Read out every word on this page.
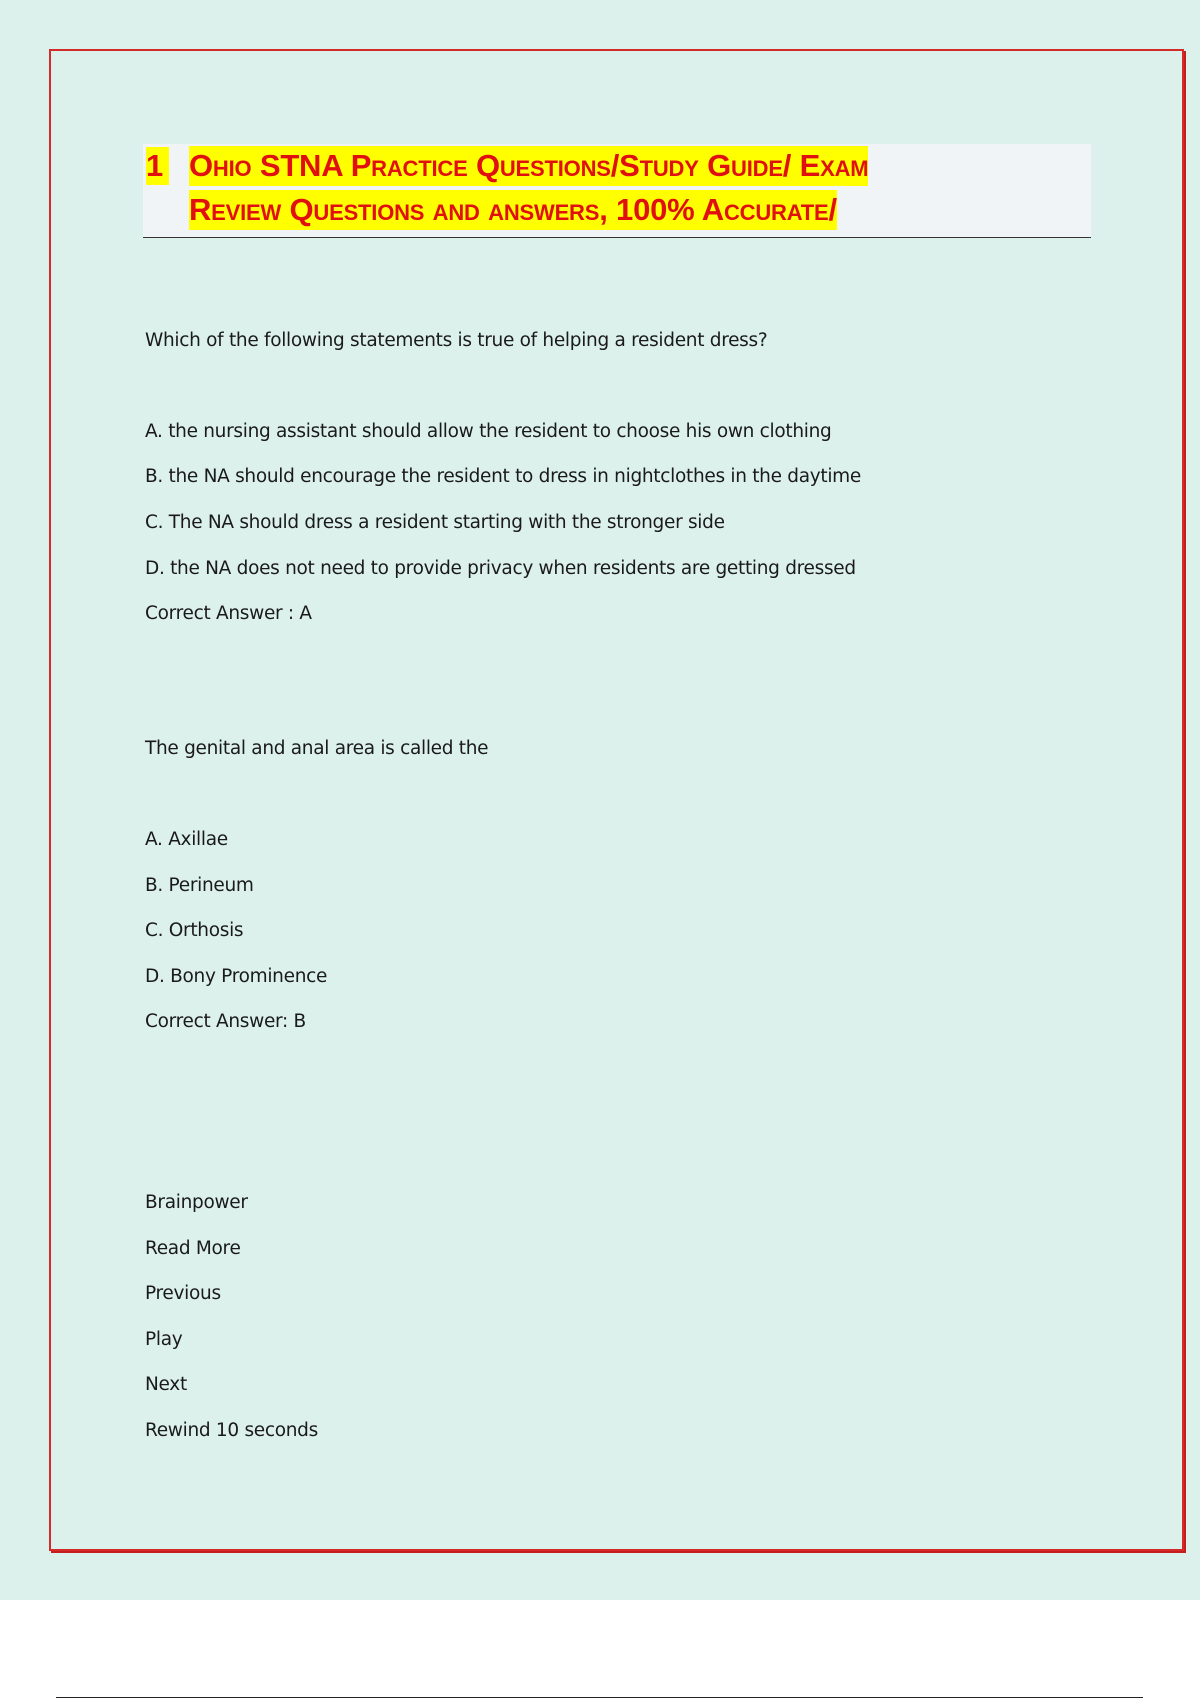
1 Ohio STNA Practice Questions/Study Guide/ Exam
Review Questions and answers, 100% Accurate/
Which of the following statements is true of helping a resident dress?
A. the nursing assistant should allow the resident to choose his own clothing
B. the NA should encourage the resident to dress in nightclothes in the daytime
C. The NA should dress a resident starting with the stronger side
D. the NA does not need to provide privacy when residents are getting dressed
Correct Answer : A
The genital and anal area is called the
A. Axillae
B. Perineum
C. Orthosis
D. Bony Prominence
Correct Answer: B
Brainpower
Read More
Previous
Play
Next
Rewind 10 seconds
